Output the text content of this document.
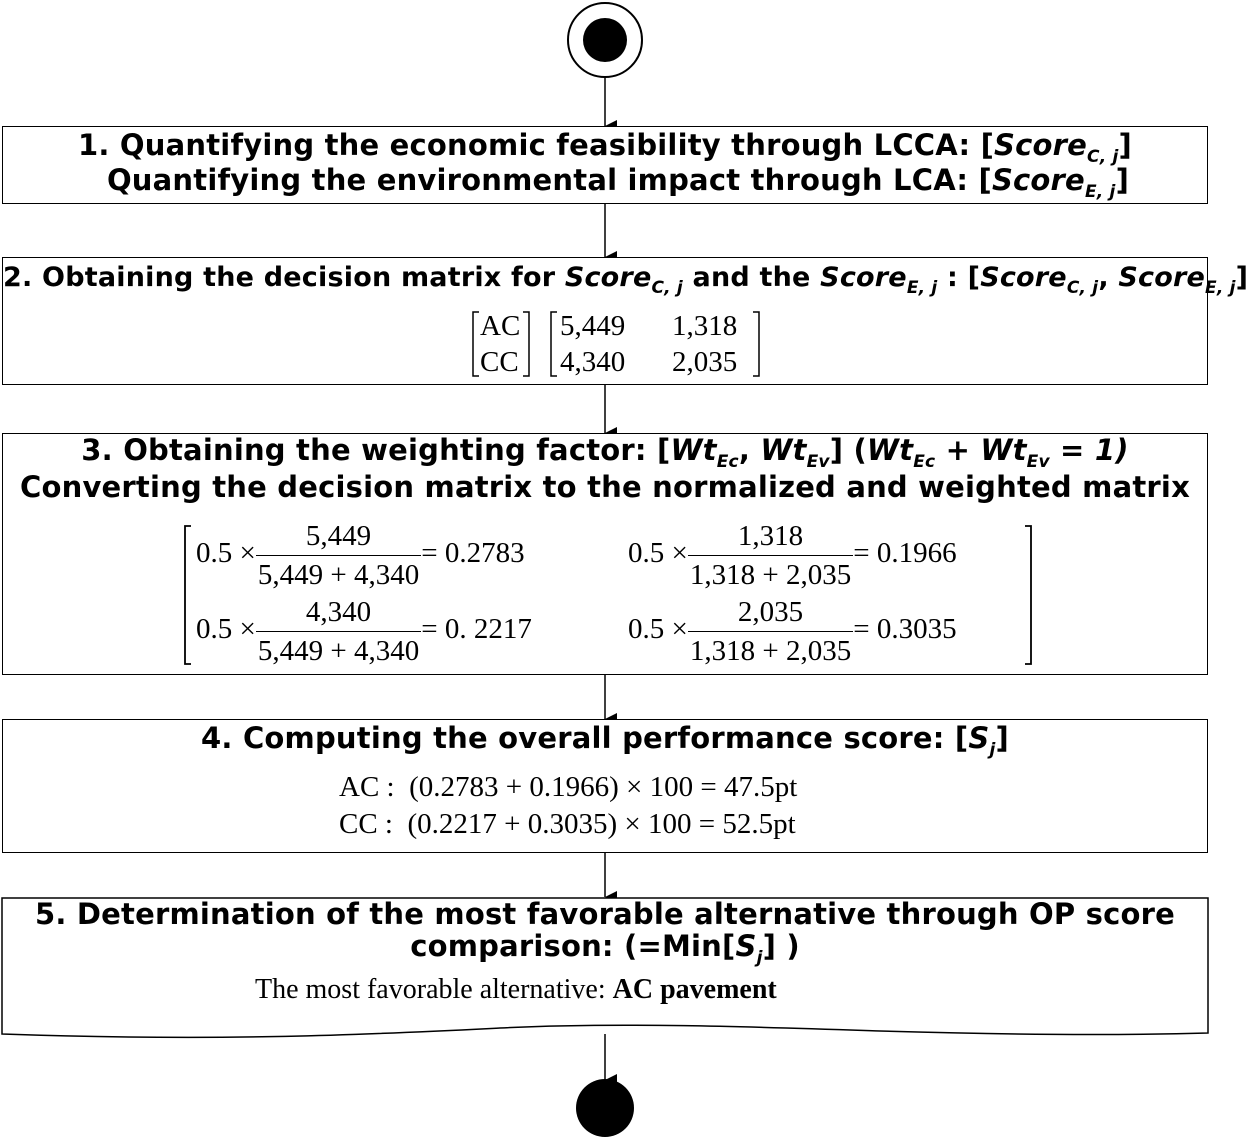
1. Quantifying the economic feasibility through LCCA: [Score$_{C, j}$]
Quantifying the environmental impact through LCA: [Score$_{E, j}$]
2. Obtaining the decision matrix for Score$_{C, j}$ and the Score$_{E, j}$ : [Score$_{C, j}$, Score$_{E, j}$]
AC
CC
5,449 1,318
4,340 2,035
3. Obtaining the weighting factor: [$Wt_{Ec}$, $Wt_{Ev}$] $(Wt_{Ec} + Wt_{Ev} = 1)$
Converting the decision matrix to the normalized and weighted matrix
$0.5 \times \frac{5,449}{5,449 + 4,340} = 0.2783$	$0.5 \times \frac{1,318}{1,318 + 2,035} = 0.1966$
$0.5 \times \frac{4,340}{5,449 + 4,340} = 0$. 2217	$0.5 \times \frac{2,035}{1,318 + 2,035} = 0.3035$
4. Computing the overall performance score: $[S_j]$
AC :  (0.2783 + 0.1966) × 100 = 47.5pt
CC :  (0.2217 + 0.3035) × 100 = 52.5pt
5. Determination of the most favorable alternative through OP score
comparison: ($=Min[S_j]$ )
The most favorable alternative: AC pavement
